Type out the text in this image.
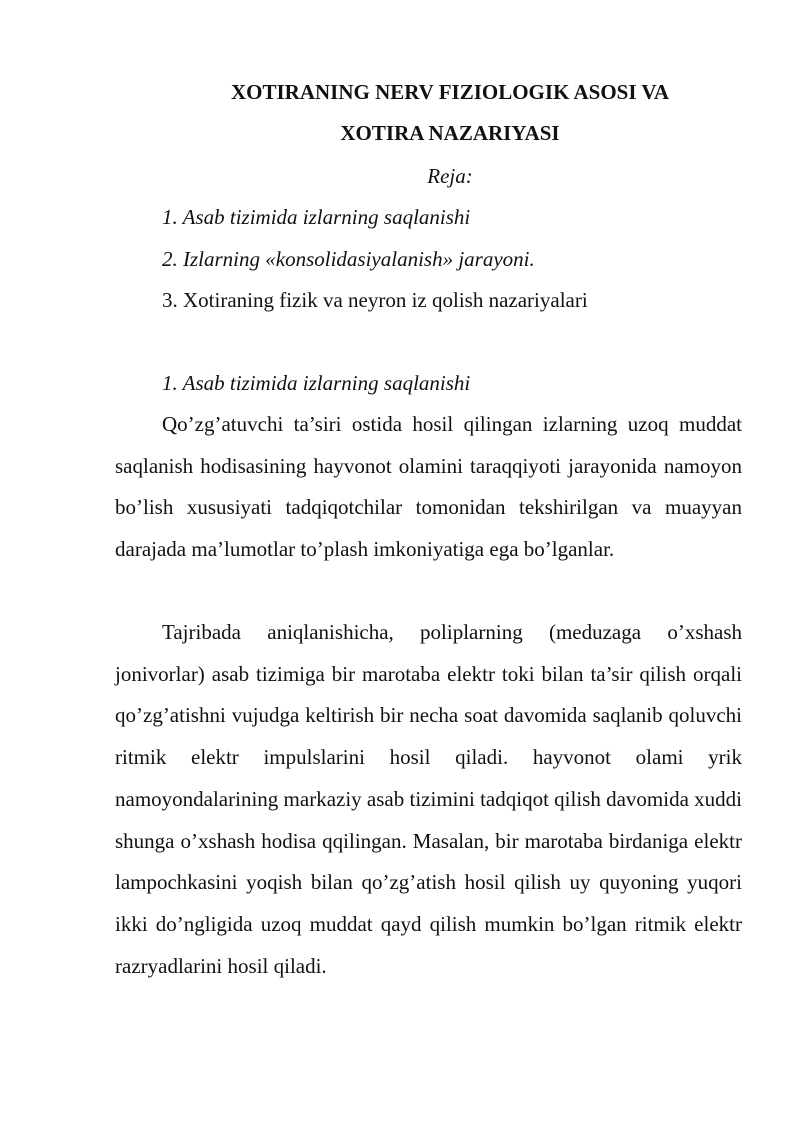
XOTIRANING NERV FIZIOLOGIK ASOSI VA
XOTIRA NAZARIYASI

Reja:

1. Asab tizimida izlarning saqlanishi

2. Izlarning «konsolidasiyalanish» jarayoni.

3. Xotiraning fizik va neyron iz qolish nazariyalari

1. Asab tizimida izlarning saqlanishi

Qo’zg’atuvchi ta’siri ostida hosil qilingan izlarning uzoq muddat saqlanish hodisasining hayvonot olamini taraqqiyoti jarayonida namoyon bo’lish xususiyati tadqiqotchilar tomonidan tekshirilgan va muayyan darajada ma’lumotlar to’plash imkoniyatiga ega bo’lganlar.

Tajribada aniqlanishicha, poliplarning (meduzaga o’xshash jonivorlar) asab tizimiga bir marotaba elektr toki bilan ta’sir qilish orqali qo’zg’atishni vujudga keltirish bir necha soat davomida saqlanib qoluvchi ritmik elektr impulslarini hosil qiladi. hayvonot olami yrik namoyondalarining markaziy asab tizimini tadqiqot qilish davomida xuddi shunga o’xshash hodisa qqilingan. Masalan, bir marotaba birdaniga elektr lampochkasini yoqish bilan qo’zg’atish hosil qilish uy quyoning yuqori ikki do’ngligida uzoq muddat qayd qilish mumkin bo’lgan ritmik elektr razryadlarini hosil qiladi.
